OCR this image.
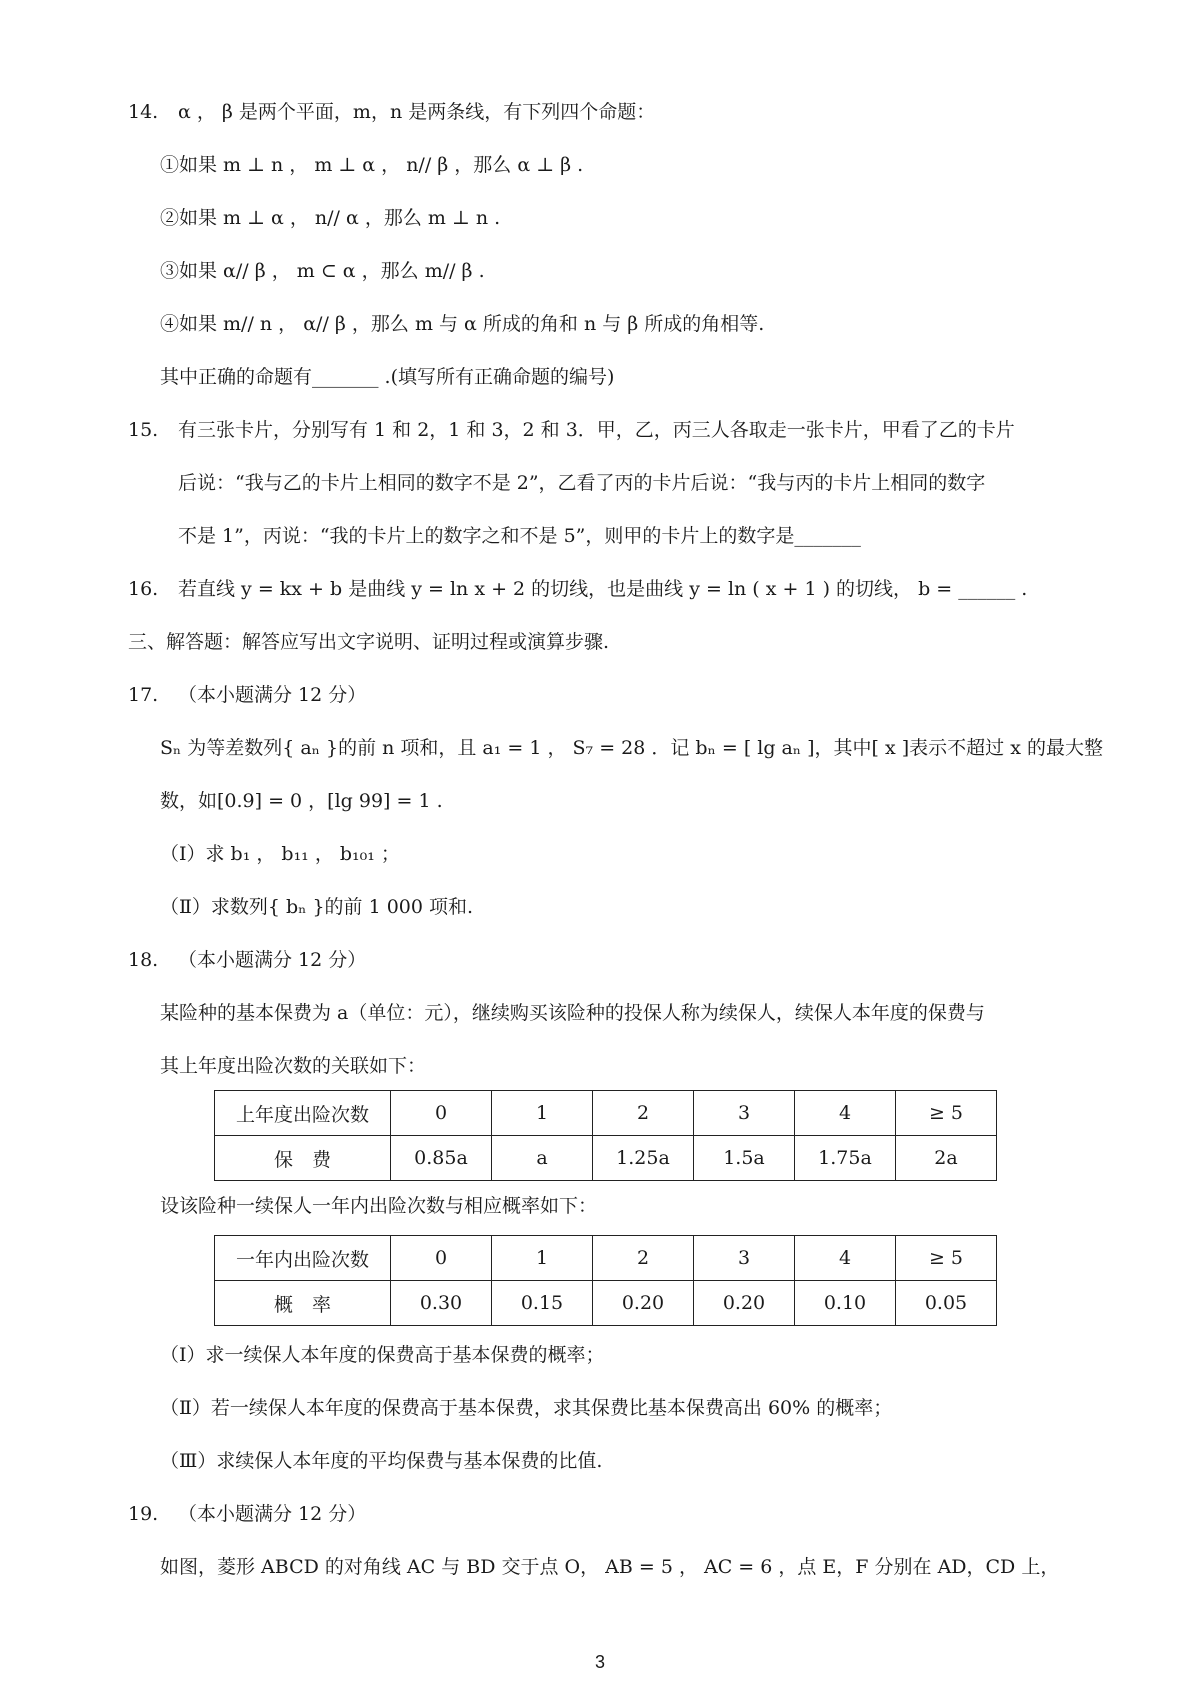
14. α ， β 是两个平面，m，n 是两条线，有下列四个命题：
①如果 m ⊥ n ， m ⊥ α ， n// β ，那么 α ⊥ β .
②如果 m ⊥ α ， n// α ，那么 m ⊥ n .
③如果 α// β ， m ⊂ α ，那么 m// β .
④如果 m// n ， α// β ，那么 m 与 α 所成的角和 n 与 β 所成的角相等.
其中正确的命题有_______ .(填写所有正确命题的编号)
15. 有三张卡片，分别写有 1 和 2，1 和 3，2 和 3．甲，乙，丙三人各取走一张卡片，甲看了乙的卡片
后说：“我与乙的卡片上相同的数字不是 2”，乙看了丙的卡片后说：“我与丙的卡片上相同的数字
不是 1”，丙说：“我的卡片上的数字之和不是 5”，则甲的卡片上的数字是_______
16. 若直线 y = kx + b 是曲线 y = ln x + 2 的切线，也是曲线 y = ln ( x + 1 ) 的切线， b = ______ .
三、解答题：解答应写出文字说明、证明过程或演算步骤.
17. （本小题满分 12 分）
Sₙ 为等差数列{ aₙ }的前 n 项和，且 a₁ = 1 ， S₇ = 28 ．记 bₙ = [ lg aₙ ]，其中[ x ]表示不超过 x 的最大整
数，如[0.9] = 0 ，[lg 99] = 1 .
（Ⅰ）求 b₁ ， b₁₁ ， b₁₀₁ ；
（Ⅱ）求数列{ bₙ }的前 1 000 项和.
18. （本小题满分 12 分）
某险种的基本保费为 a（单位：元），继续购买该险种的投保人称为续保人，续保人本年度的保费与
其上年度出险次数的关联如下：
上年度出险次数	0	1	2	3	4	≥ 5
保　费	0.85a	a	1.25a	1.5a	1.75a	2a
设该险种一续保人一年内出险次数与相应概率如下：
一年内出险次数	0	1	2	3	4	≥ 5
概　率	0.30	0.15	0.20	0.20	0.10	0.05
（Ⅰ）求一续保人本年度的保费高于基本保费的概率；
（Ⅱ）若一续保人本年度的保费高于基本保费，求其保费比基本保费高出 60% 的概率；
（Ⅲ）求续保人本年度的平均保费与基本保费的比值.
19. （本小题满分 12 分）
如图，菱形 ABCD 的对角线 AC 与 BD 交于点 O， AB = 5 ， AC = 6 ，点 E，F 分别在 AD，CD 上，
3
